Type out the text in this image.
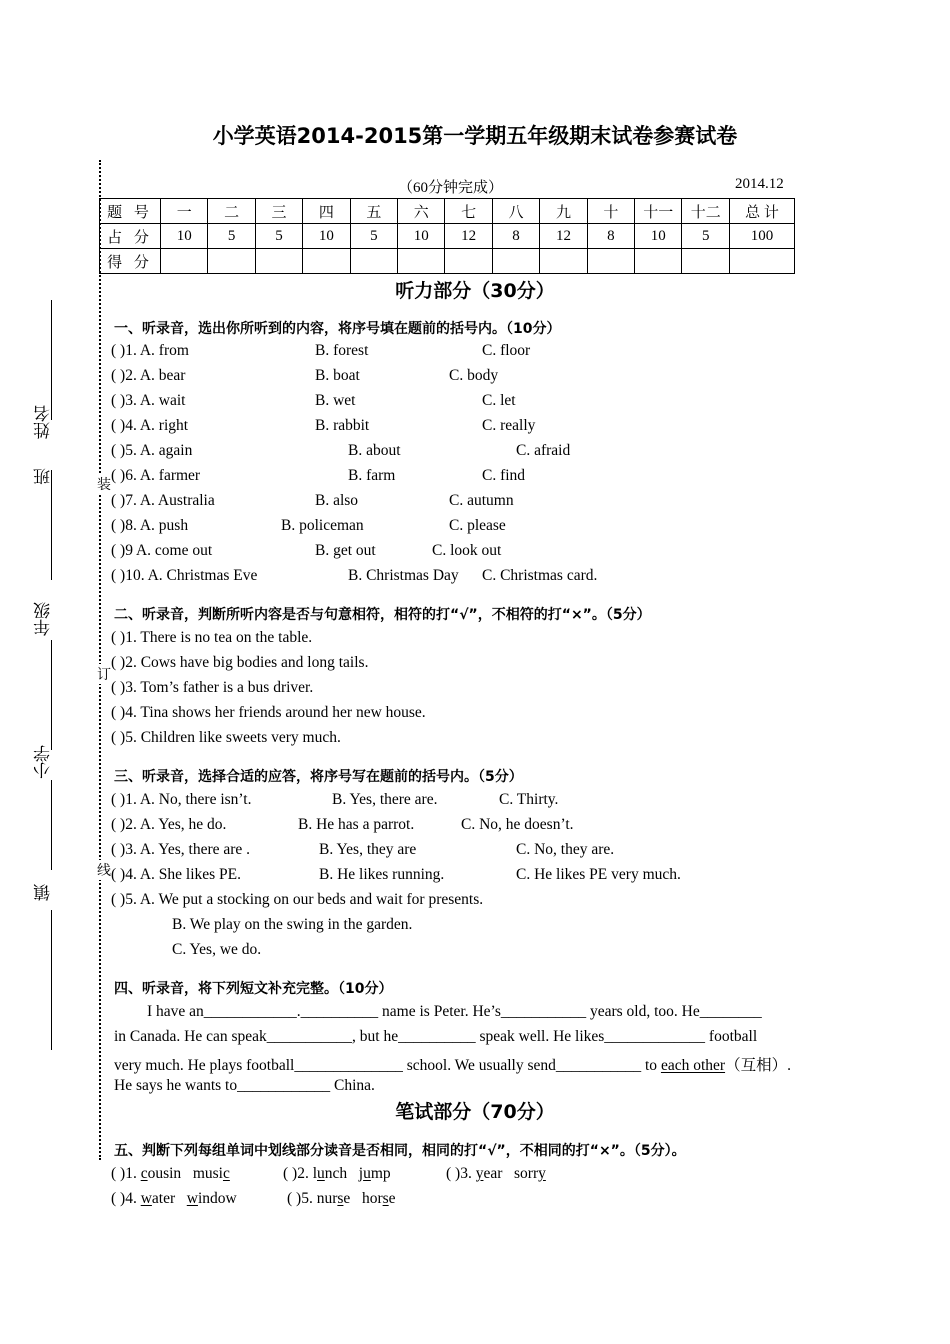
姓名
班
年级
小学
镇
装
订
线
小学英语2014-2015第一学期五年级期末试卷参赛试卷
（60分钟完成）	2014.12
题 号	一	二	三	四	五	六	七	八	九	十	十一	十二	总 计
占 分	10	5	5	10	5	10	12	8	12	8	10	5	100
得 分													
听力部分（30分）
一、听录音，选出你所听到的内容，将序号填在题前的括号内。（10分）
( )1. A. from	B. forest	C. floor
( )2. A. bear	B. boat	C. body
( )3. A. wait	B. wet	C. let
( )4. A. right	B. rabbit	C. really
( )5. A. again	B. about	C. afraid
( )6. A. farmer	B. farm	C. find
( )7. A. Australia	B. also	C. autumn
( )8. A. push	B. policeman	C. please
( )9 A. come out	B. get out	C. look out
( )10. A. Christmas Eve	B. Christmas Day C. Christmas card.
二、听录音，判断所听内容是否与句意相符，相符的打“√”，不相符的打“×”。（5分）
( )1. There is no tea on the table.
( )2. Cows have big bodies and long tails.
( )3. Tom’s father is a bus driver.
( )4. Tina shows her friends around her new house.
( )5. Children like sweets very much.
三、听录音，选择合适的应答，将序号写在题前的括号内。（5分）
( )1. A. No, there isn’t.	B. Yes, there are.	C. Thirty.
( )2. A. Yes, he do.	B. He has a parrot.	C. No, he doesn’t.
( )3. A. Yes, there are .	B. Yes, they are	C. No, they are.
( )4. A. She likes PE.	B. He likes running.	C. He likes PE very much.
( )5. A. We put a stocking on our beds and wait for presents.
B. We play on the swing in the garden.
C. Yes, we do.
四、听录音，将下列短文补充完整。（10分）
I have an____________.__________ name is Peter. He’s___________ years old, too. He________
in Canada. He can speak___________, but he__________ speak well. He likes_____________ football
very much. He plays football______________ school. We usually send___________ to each other（互相）.
He says he wants to____________ China.
笔试部分（70分）
五、判断下列每组单词中划线部分读音是否相同，相同的打“√”，不相同的打“×”。（5分）。
( )1. cousin music	( )2. lunch jump	( )3. year sorry
( )4. water window	( )5. nurse horse
